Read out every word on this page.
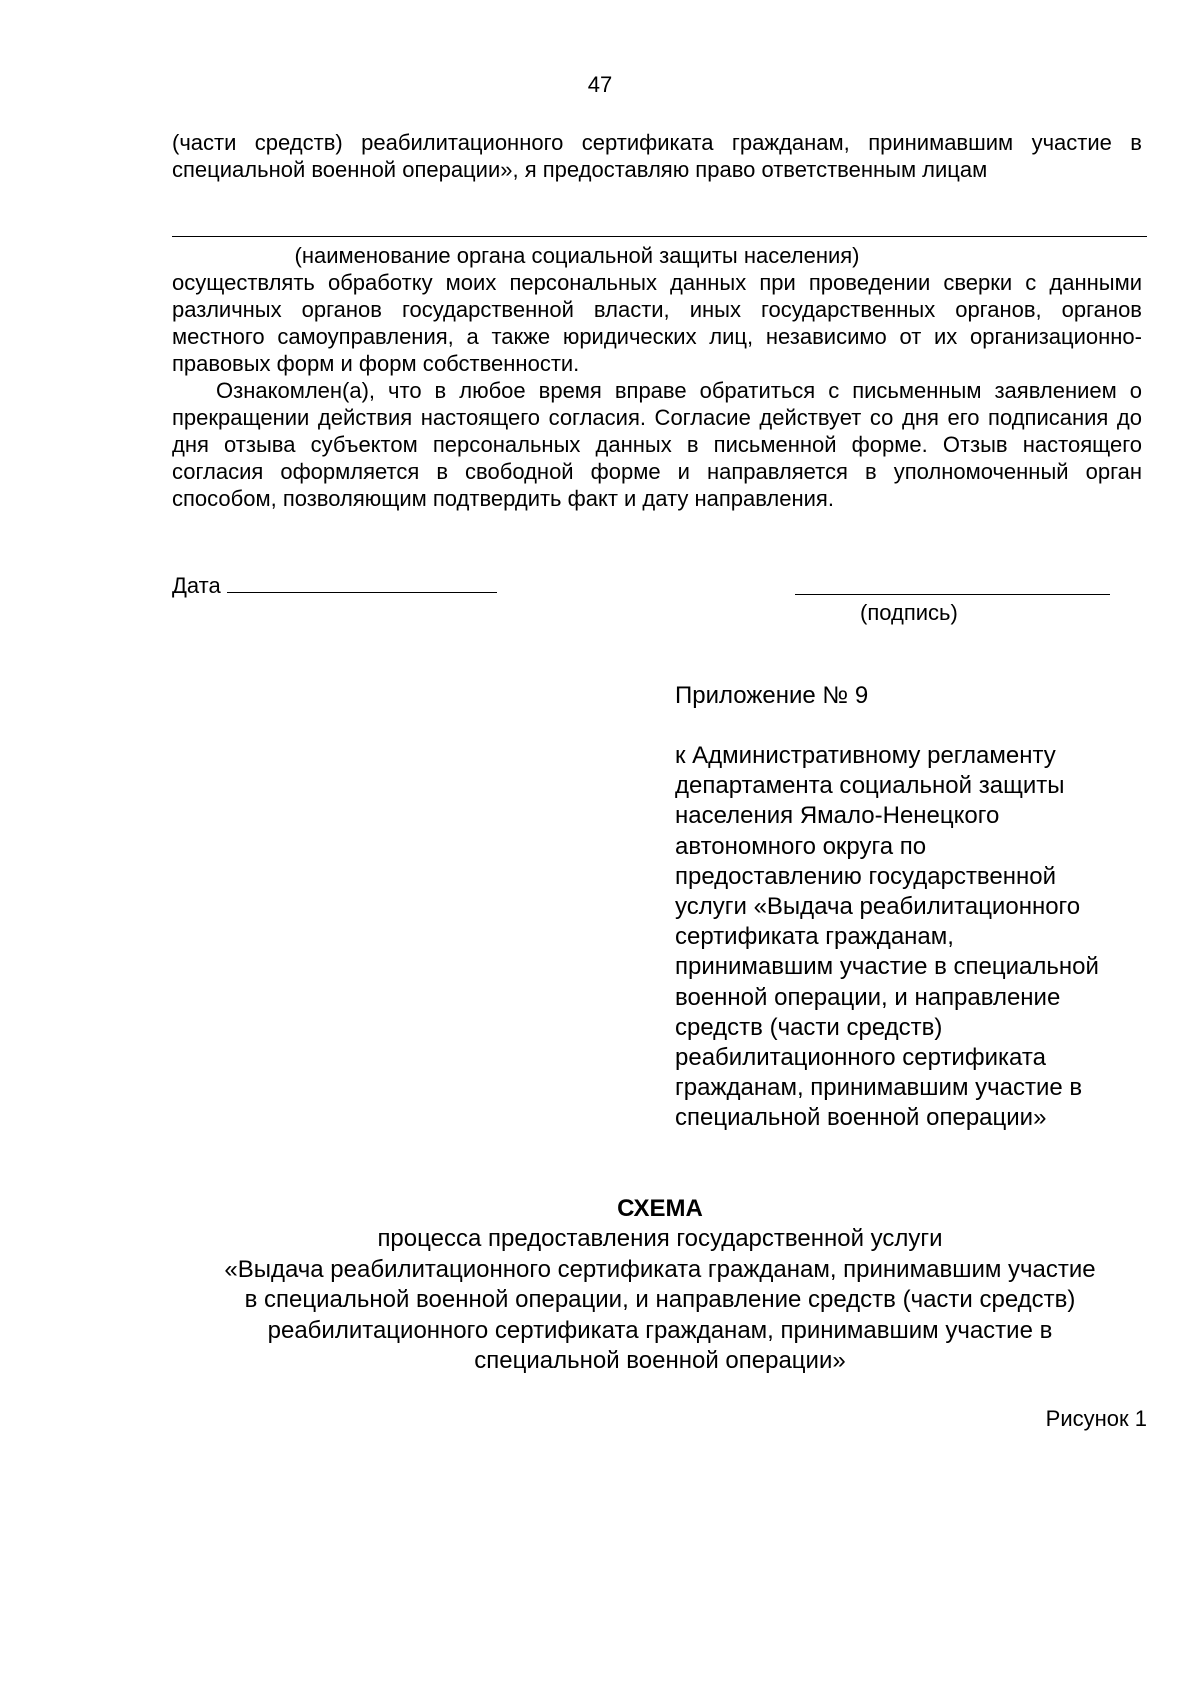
47
(части средств) реабилитационного сертификата гражданам, принимавшим участие в специальной военной операции», я предоставляю право ответственным лицам
(наименование органа социальной защиты населения)

осуществлять обработку моих персональных данных при проведении сверки с данными различных органов государственной власти, иных государственных органов, органов местного самоуправления, а также юридических лиц, независимо от их организационно-правовых форм и форм собственности.

Ознакомлен(а), что в любое время вправе обратиться с письменным заявлением о прекращении действия настоящего согласия. Согласие действует со дня его подписания до дня отзыва субъектом персональных данных в письменной форме. Отзыв настоящего согласия оформляется в свободной форме и направляется в уполномоченный орган способом, позволяющим подтвердить факт и дату направления.

Дата
(подпись)
Приложение № 9
к Административному регламенту
департамента социальной защиты
населения Ямало-Ненецкого
автономного округа по
предоставлению государственной
услуги «Выдача реабилитационного
сертификата гражданам,
принимавшим участие в специальной
военной операции, и направление
средств (части средств)
реабилитационного сертификата
гражданам, принимавшим участие в
специальной военной операции»
СХЕМА
процесса предоставления государственной услуги
«Выдача реабилитационного сертификата гражданам, принимавшим участие
в специальной военной операции, и направление средств (части средств)
реабилитационного сертификата гражданам, принимавшим участие в
специальной военной операции»
Рисунок 1
